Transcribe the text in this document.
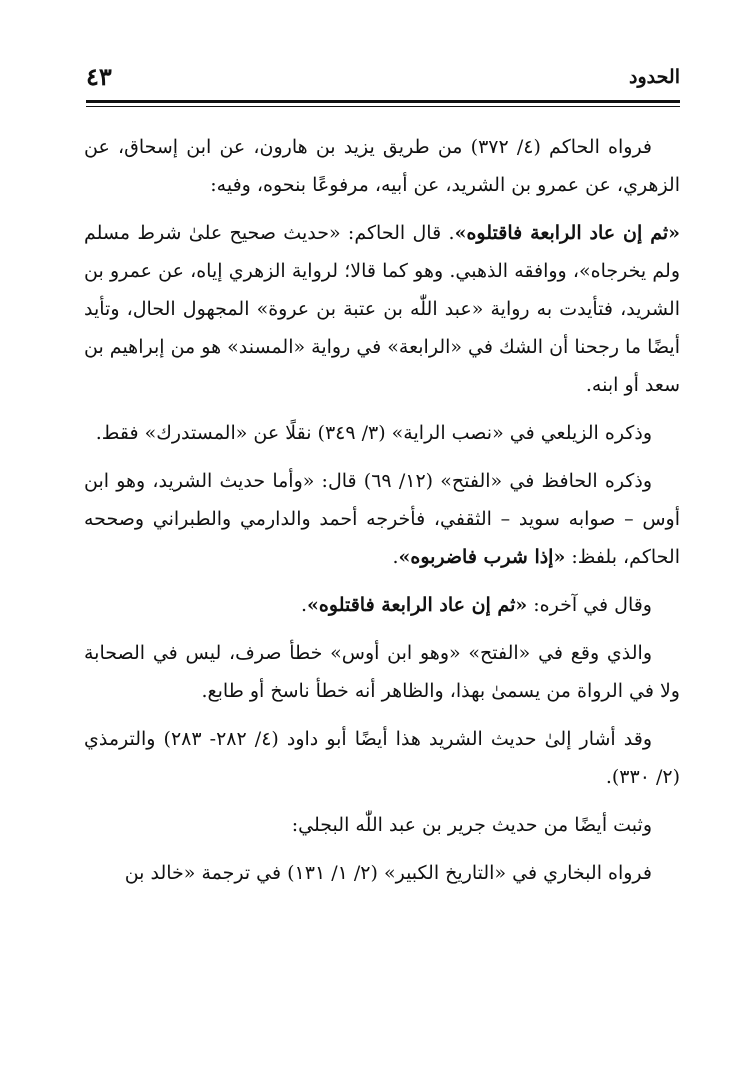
الحدود
٤٣

فرواه الحاكم (٤/ ٣٧٢) من طريق يزيد بن هارون، عن ابن إسحاق، عن الزهري، عن عمرو بن الشريد، عن أبيه، مرفوعًا بنحوه، وفيه:

«ثم إن عاد الرابعة فاقتلوه». قال الحاكم: «حديث صحيح علىٰ شرط مسلم ولم يخرجاه»، ووافقه الذهبي. وهو كما قالا؛ لرواية الزهري إياه، عن عمرو بن الشريد، فتأيدت به رواية «عبد اللّٰه بن عتبة بن عروة» المجهول الحال، وتأيد أيضًا ما رجحنا أن الشك في «الرابعة» في رواية «المسند» هو من إبراهيم بن سعد أو ابنه.

وذكره الزيلعي في «نصب الراية» (٣/ ٣٤٩) نقلًا عن «المستدرك» فقط.

وذكره الحافظ في «الفتح» (١٢/ ٦٩) قال: «وأما حديث الشريد، وهو ابن أوس – صوابه سويد – الثقفي، فأخرجه أحمد والدارمي والطبراني وصححه الحاكم، بلفظ: «إذا شرب فاضربوه».

وقال في آخره: «ثم إن عاد الرابعة فاقتلوه».

والذي وقع في «الفتح» «وهو ابن أوس» خطأ صرف، ليس في الصحابة ولا في الرواة من يسمىٰ بهذا، والظاهر أنه خطأ ناسخ أو طابع.

وقد أشار إلىٰ حديث الشريد هذا أيضًا أبو داود (٤/ ٢٨٢- ٢٨٣) والترمذي (٢/ ٣٣٠).

وثبت أيضًا من حديث جرير بن عبد اللّٰه البجلي:

فرواه البخاري في «التاريخ الكبير» (٢/ ١/ ١٣١) في ترجمة «خالد بن
